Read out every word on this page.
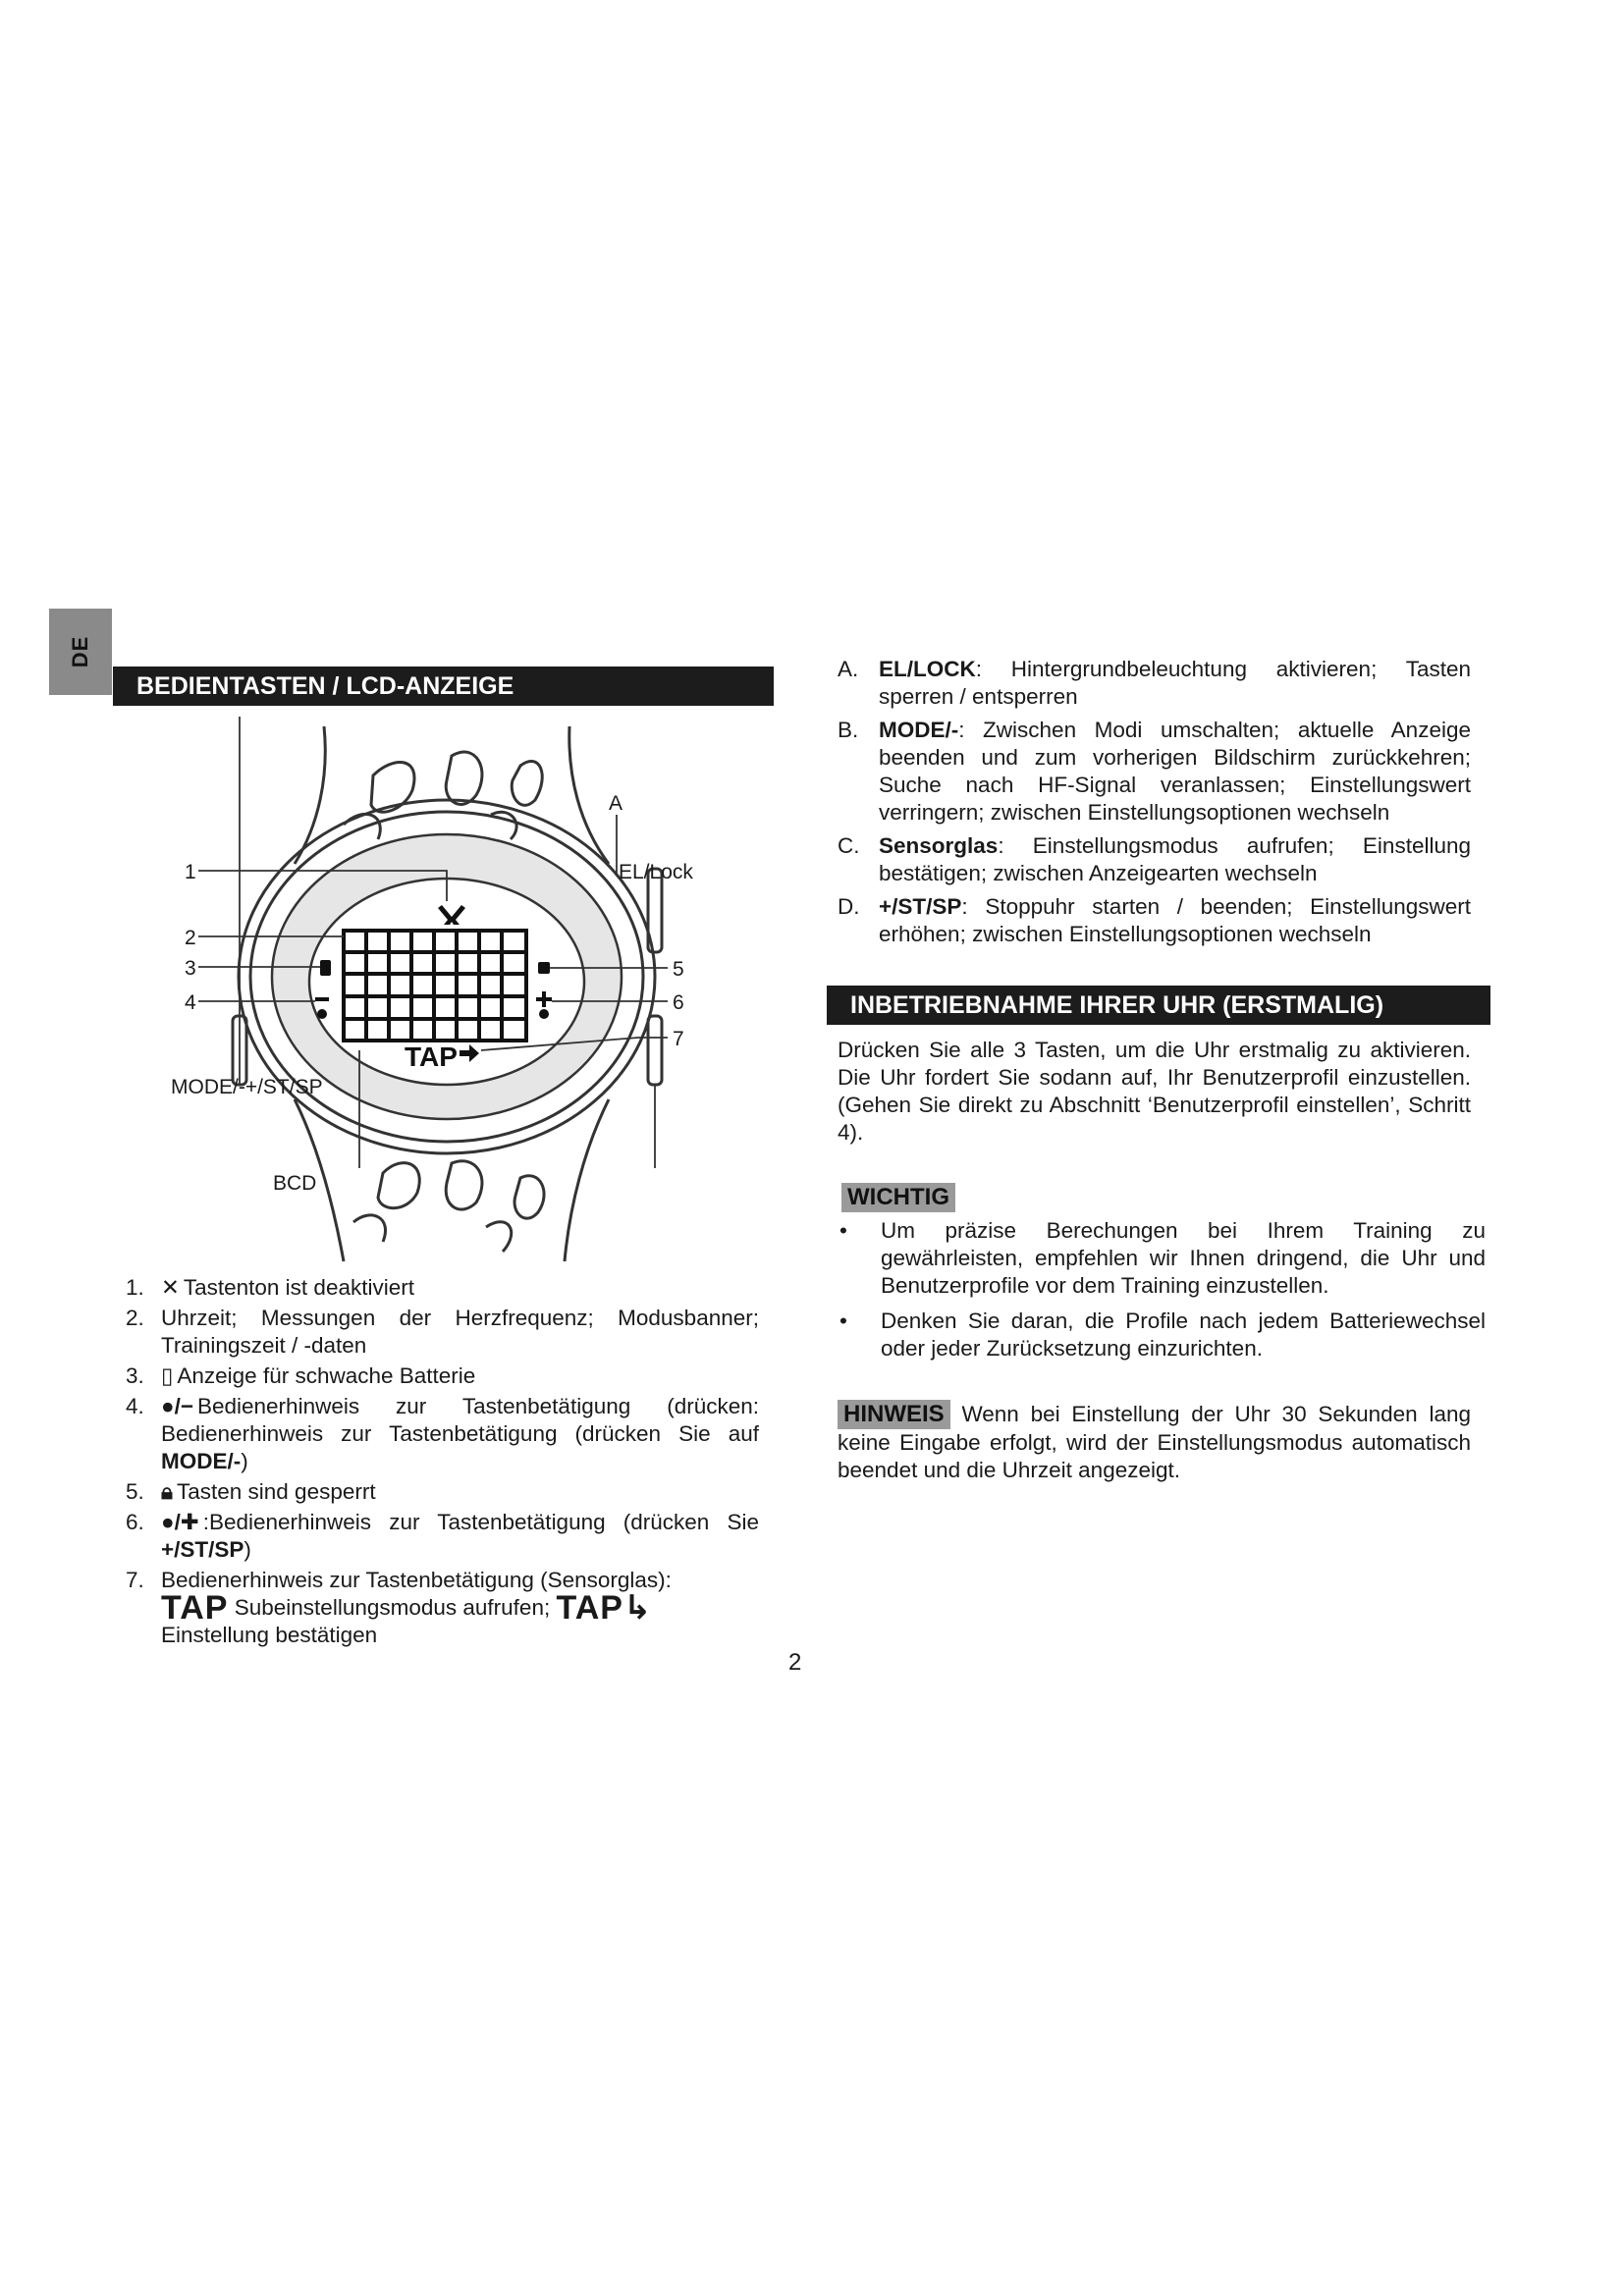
DE
BEDIENTASTEN / LCD-ANZEIGE
TAP
A
EL/Lock
1
2
3
4
5
6
7
MODE/-+/ST/SP
BCD
1. ✕ Tastenton ist deaktiviert
2. Uhrzeit; Messungen der Herzfrequenz; Modusbanner; Trainingszeit / -daten
3. ▯ Anzeige für schwache Batterie
4. ●/− Bedienerhinweis zur Tastenbetätigung (drücken: Bedienerhinweis zur Tastenbetätigung (drücken Sie auf MODE/-)
5. 🔒︎ Tasten sind gesperrt
6. ●/✚ :Bedienerhinweis zur Tastenbetätigung (drücken Sie +/ST/SP)
7. Bedienerhinweis zur Tastenbetätigung (Sensorglas):
TAP Subeinstellungsmodus aufrufen; TAP↳
Einstellung bestätigen
A. EL/LOCK: Hintergrundbeleuchtung aktivieren; Tasten sperren / entsperren
B. MODE/-: Zwischen Modi umschalten; aktuelle Anzeige beenden und zum vorherigen Bildschirm zurückkehren; Suche nach HF-Signal veranlassen; Einstellungswert verringern; zwischen Einstellungsoptionen wechseln
C. Sensorglas: Einstellungsmodus aufrufen; Einstellung bestätigen; zwischen Anzeigearten wechseln
D. +/ST/SP: Stoppuhr starten / beenden; Einstellungswert erhöhen; zwischen Einstellungsoptionen wechseln
INBETRIEBNAHME IHRER UHR (ERSTMALIG)
Drücken Sie alle 3 Tasten, um die Uhr erstmalig zu aktivieren. Die Uhr fordert Sie sodann auf, Ihr Benutzerprofil einzustellen. (Gehen Sie direkt zu Abschnitt ‘Benutzerprofil einstellen’, Schritt 4).
WICHTIG
•	Um präzise Berechungen bei Ihrem Training zu gewährleisten, empfehlen wir Ihnen dringend, die Uhr und Benutzerprofile vor dem Training einzustellen.
•	Denken Sie daran, die Profile nach jedem Batteriewechsel oder jeder Zurücksetzung einzurichten.
HINWEIS Wenn bei Einstellung der Uhr 30 Sekunden lang keine Eingabe erfolgt, wird der Einstellungsmodus automatisch beendet und die Uhrzeit angezeigt.
2
